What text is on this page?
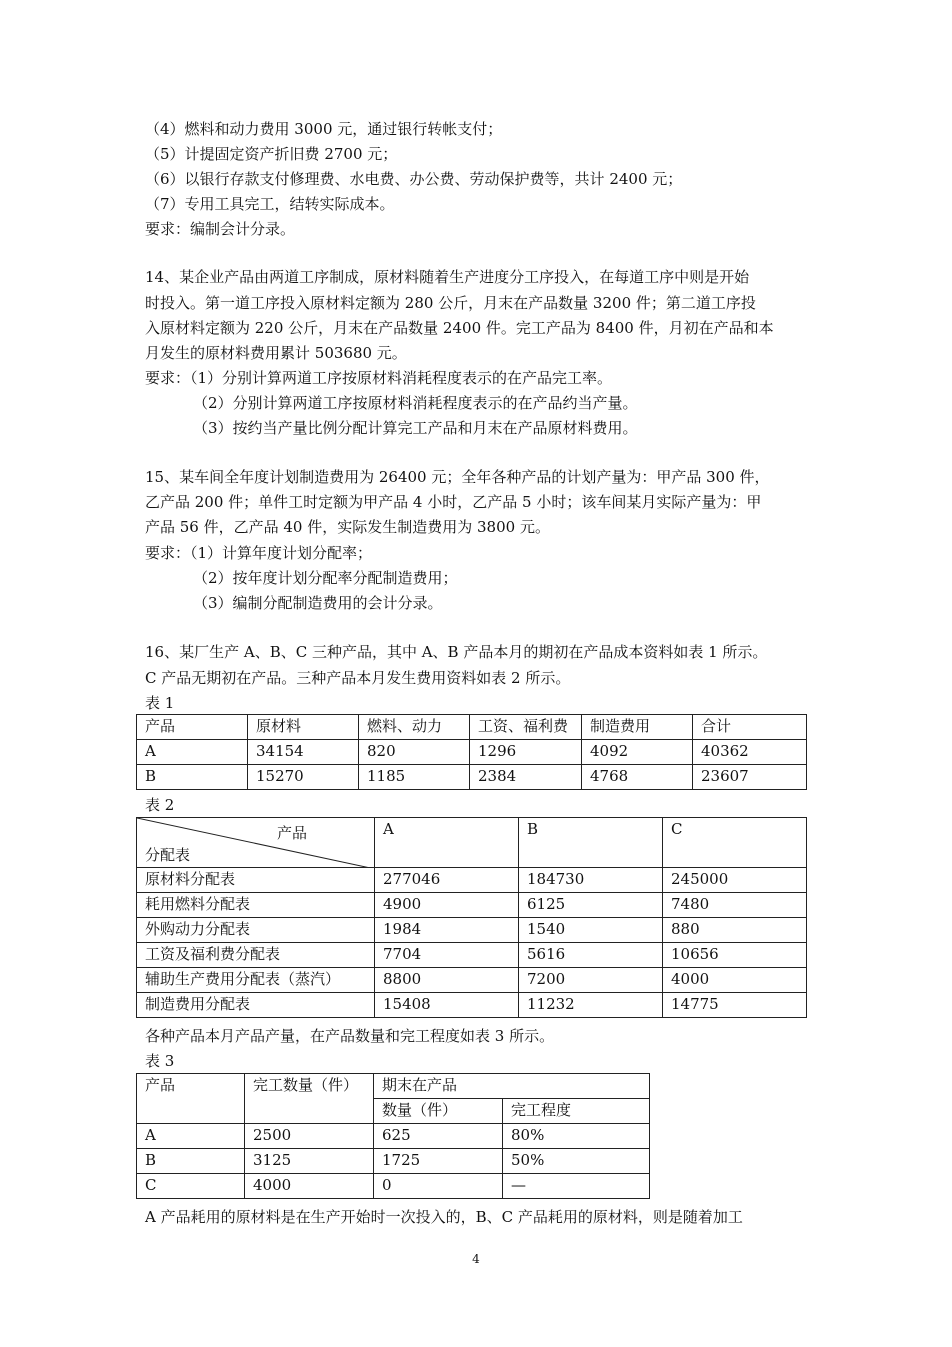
（4）燃料和动力费用 3000 元，通过银行转帐支付；
（5）计提固定资产折旧费 2700 元；
（6）以银行存款支付修理费、水电费、办公费、劳动保护费等，共计 2400 元；
（7）专用工具完工，结转实际成本。
要求：编制会计分录。
14、某企业产品由两道工序制成，原材料随着生产进度分工序投入，在每道工序中则是开始
时投入。第一道工序投入原材料定额为 280 公斤，月末在产品数量 3200 件；第二道工序投
入原材料定额为 220 公斤，月末在产品数量 2400 件。完工产品为 8400 件，月初在产品和本
月发生的原材料费用累计 503680 元。
要求：（1）分别计算两道工序按原材料消耗程度表示的在产品完工率。
（2）分别计算两道工序按原材料消耗程度表示的在产品约当产量。
（3）按约当产量比例分配计算完工产品和月末在产品原材料费用。
15、某车间全年度计划制造费用为 26400 元；全年各种产品的计划产量为：甲产品 300 件，
乙产品 200 件；单件工时定额为甲产品 4 小时，乙产品 5 小时；该车间某月实际产量为：甲
产品 56 件，乙产品 40 件，实际发生制造费用为 3800 元。
要求：（1）计算年度计划分配率；
（2）按年度计划分配率分配制造费用；
（3）编制分配制造费用的会计分录。
16、某厂生产 A、B、C 三种产品，其中 A、B 产品本月的期初在产品成本资料如表 1 所示。
C 产品无期初在产品。三种产品本月发生费用资料如表 2 所示。
表 1
产品	原材料	燃料、动力	工资、福利费	制造费用	合计
A	34154	820	1296	4092	40362
B	15270	1185	2384	4768	23607
表 2
产品
分配表	A	B	C
原材料分配表	277046	184730	245000
耗用燃料分配表	4900	6125	7480
外购动力分配表	1984	1540	880
工资及福利费分配表	7704	5616	10656
辅助生产费用分配表（蒸汽）	8800	7200	4000
制造费用分配表	15408	11232	14775
各种产品本月产品产量，在产品数量和完工程度如表 3 所示。
表 3
产品	完工数量（件）	期末在产品	
		数量（件）	完工程度
A	2500	625	80%
B	3125	1725	50%
C	4000	0	—
A 产品耗用的原材料是在生产开始时一次投入的，B、C 产品耗用的原材料，则是随着加工
4
